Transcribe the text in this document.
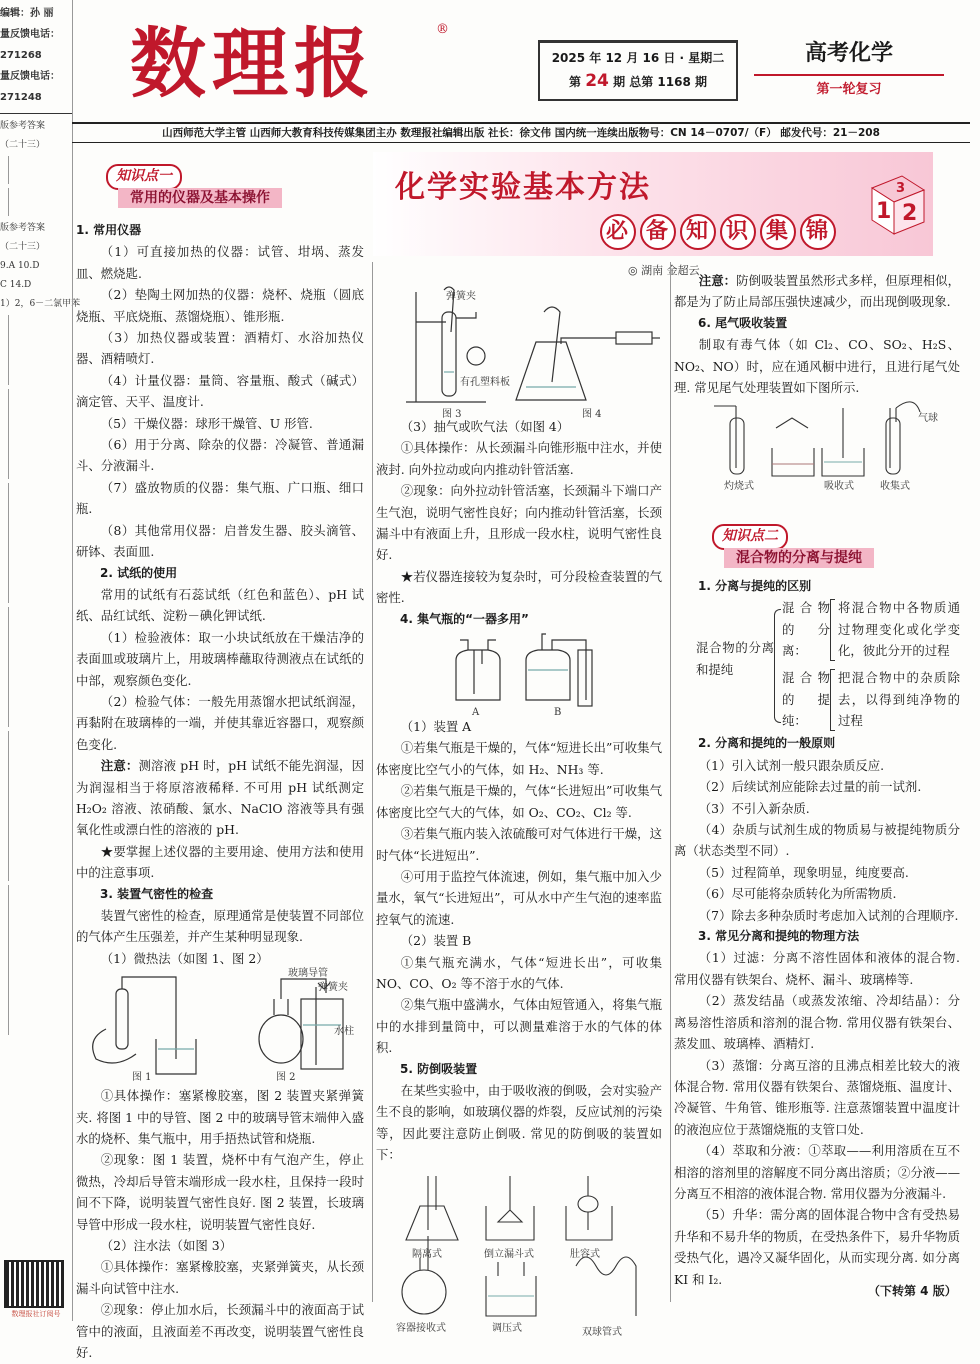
编辑：孙 丽
量反馈电话：
271268
量反馈电话：
271248
版参考答案
（二十三）
版参考答案
（二十三）
9.A 10.D
C 14.D
1）2，6－二氯甲苯
数理报社订阅号
数理报	®
2025 年 12 月 16 日 · 星期二
第 24 期 总第 1168 期
高考化学
第一轮复习
山西师范大学主管 山西师大教育科技传媒集团主办 数理报社编辑出版 社长：徐文伟 国内统一连续出版物号：CN 14－0707/（F） 邮发代号：21－208
知识点一
常用的仪器及基本操作	化学实验基本方法
必 备 知 识 集 锦
1 2
3
◎ 湖南 金超云

1. 常用仪器

（1）可直接加热的仪器：试管、坩埚、蒸发皿、燃烧匙.

（2）垫陶土网加热的仪器：烧杯、烧瓶（圆底烧瓶、平底烧瓶、蒸馏烧瓶）、锥形瓶.

（3）加热仪器或装置：酒精灯、水浴加热仪器、酒精喷灯.

（4）计量仪器：量筒、容量瓶、酸式（碱式）滴定管、天平、温度计.

（5）干燥仪器：球形干燥管、U 形管.

（6）用于分离、除杂的仪器：冷凝管、普通漏斗、分液漏斗.

（7）盛放物质的仪器：集气瓶、广口瓶、细口瓶.

（8）其他常用仪器：启普发生器、胶头滴管、研钵、表面皿.

2. 试纸的使用

常用的试纸有石蕊试纸（红色和蓝色）、pH 试纸、品红试纸、淀粉－碘化钾试纸.

（1）检验液体：取一小块试纸放在干燥洁净的表面皿或玻璃片上，用玻璃棒蘸取待测液点在试纸的中部，观察颜色变化.

（2）检验气体：一般先用蒸馏水把试纸润湿，再黏附在玻璃棒的一端，并使其靠近容器口，观察颜色变化.

注意：测溶液 pH 时，pH 试纸不能先润湿，因为润湿相当于将原溶液稀释. 不可用 pH 试纸测定 H₂O₂ 溶液、浓硝酸、氯水、NaClO 溶液等具有强氧化性或漂白性的溶液的 pH.

★要掌握上述仪器的主要用途、使用方法和使用中的注意事项.

3. 装置气密性的检查

装置气密性的检查，原理通常是使装置不同部位的气体产生压强差，并产生某种明显现象.

（1）微热法（如图 1、图 2）

图 1	图 2
玻璃导管
弹簧夹
水柱

①具体操作：塞紧橡胶塞，图 2 装置夹紧弹簧夹. 将图 1 中的导管、图 2 中的玻璃导管末端伸入盛水的烧杯、集气瓶中，用手捂热试管和烧瓶.

②现象：图 1 装置，烧杯中有气泡产生，停止微热，冷却后导管末端形成一段水柱，且保持一段时间不下降，说明装置气密性良好. 图 2 装置，长玻璃导管中形成一段水柱，说明装置气密性良好.

（2）注水法（如图 3）

①具体操作：塞紧橡胶塞，夹紧弹簧夹，从长颈漏斗向试管中注水.

②现象：停止加水后，长颈漏斗中的液面高于试管中的液面，且液面差不再改变，说明装置气密性良好.

弹簧夹
有孔塑料板
图 3	图 4

（3）抽气或吹气法（如图 4）

①具体操作：从长颈漏斗向锥形瓶中注水，并使液封. 向外拉动或向内推动针管活塞.

②现象：向外拉动针管活塞，长颈漏斗下端口产生气泡，说明气密性良好；向内推动针管活塞，长颈漏斗中有液面上升，且形成一段水柱，说明气密性良好.

★若仪器连接较为复杂时，可分段检查装置的气密性.

4. 集气瓶的“一器多用”

A	B

（1）装置 A

①若集气瓶是干燥的，气体“短进长出”可收集气体密度比空气小的气体，如 H₂、NH₃ 等.

②若集气瓶是干燥的，气体“长进短出”可收集气体密度比空气大的气体，如 O₂、CO₂、Cl₂ 等.

③若集气瓶内装入浓硫酸可对气体进行干燥，这时气体“长进短出”.

④可用于监控气体流速，例如，集气瓶中加入少量水，氧气“长进短出”，可从水中产生气泡的速率监控氧气的流速.

（2）装置 B

①集气瓶充满水，气体“短进长出”，可收集 NO、CO、O₂ 等不溶于水的气体.

②集气瓶中盛满水，气体由短管通入，将集气瓶中的水排到量筒中，可以测量难溶于水的气体的体积.

5. 防倒吸装置

在某些实验中，由于吸收液的倒吸，会对实验产生不良的影响，如玻璃仪器的炸裂，反应试剂的污染等，因此要注意防止倒吸. 常见的防倒吸的装置如下：

隔离式	倒立漏斗式	肚容式
容器接收式	调压式	双球管式

注意：防倒吸装置虽然形式多样，但原理相似，都是为了防止局部压强快速减少，而出现倒吸现象.

6. 尾气吸收装置

制取有毒气体（如 Cl₂、CO、SO₂、H₂S、NO₂、NO）时，应在通风橱中进行，且进行尾气处理. 常见尾气处理装置如下图所示.

灼烧式	吸收式	收集式
气球
知识点二
混合物的分离与提纯

1. 分离与提纯的区别

混合物的分离和提纯
混合物的分离：
将混合物中各物质通过物理变化或化学变化，彼此分开的过程
混合物的提纯：
把混合物中的杂质除去，以得到纯净物的过程

2. 分离和提纯的一般原则

（1）引入试剂一般只跟杂质反应.

（2）后续试剂应能除去过量的前一试剂.

（3）不引入新杂质.

（4）杂质与试剂生成的物质易与被提纯物质分离（状态类型不同）.

（5）过程简单，现象明显，纯度要高.

（6）尽可能将杂质转化为所需物质.

（7）除去多种杂质时考虑加入试剂的合理顺序.

3. 常见分离和提纯的物理方法

（1）过滤：分离不溶性固体和液体的混合物. 常用仪器有铁架台、烧杯、漏斗、玻璃棒等.

（2）蒸发结晶（或蒸发浓缩、冷却结晶）：分离易溶性溶质和溶剂的混合物. 常用仪器有铁架台、蒸发皿、玻璃棒、酒精灯.

（3）蒸馏：分离互溶的且沸点相差比较大的液体混合物. 常用仪器有铁架台、蒸馏烧瓶、温度计、冷凝管、牛角管、锥形瓶等. 注意蒸馏装置中温度计的液泡应位于蒸馏烧瓶的支管口处.

（4）萃取和分液：①萃取——利用溶质在互不相溶的溶剂里的溶解度不同分离出溶质；②分液——分离互不相溶的液体混合物. 常用仪器为分液漏斗.

（5）升华：需分离的固体混合物中含有受热易升华和不易升华的物质，在受热条件下，易升华物质受热气化，遇冷又凝华固化，从而实现分离. 如分离 KI 和 I₂.

（下转第 4 版）
